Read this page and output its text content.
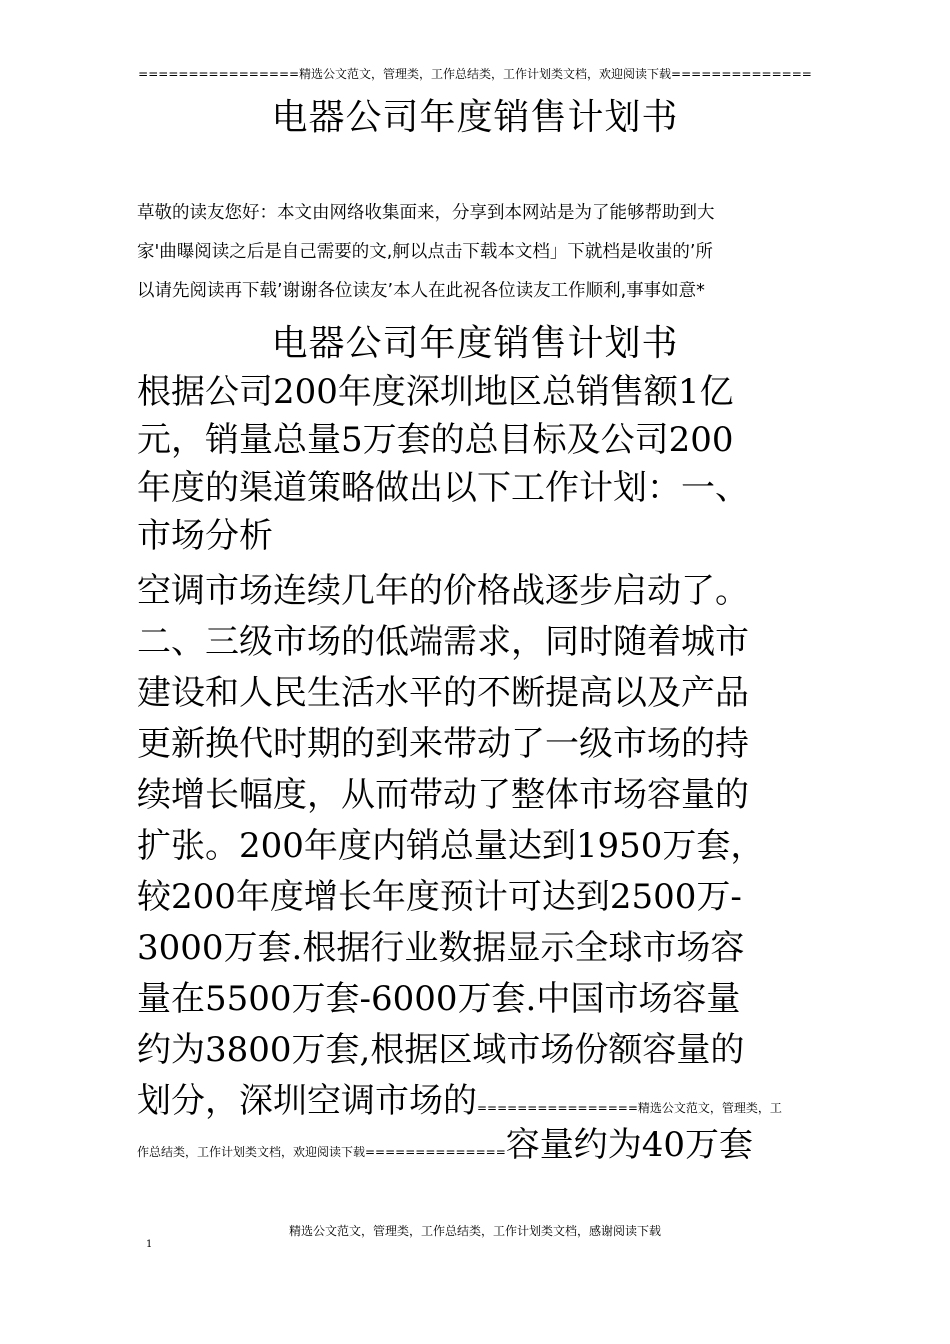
================精选公文范文，管理类，工作总结类，工作计划类文档，欢迎阅读下载==============
电器公司年度销售计划书
草敬的读友您好：本文由网络收集面来，分享到本网站是为了能够帮助到大
家'曲曝阅读之后是自己需要的文,舸以点击下载本文档」下就档是收蚩的’所
以请先阅读再下载’谢谢各位读友’本人在此祝各位读友工作顺利,事事如意*
电器公司年度销售计划书
根据公司200年度深圳地区总销售额1亿
元，销量总量5万套的总目标及公司200
年度的渠道策略做出以下工作计划：一、
市场分析
空调市场连续几年的价格战逐步启动了。
二、三级市场的低端需求，同时随着城市
建设和人民生活水平的不断提高以及产品
更新换代时期的到来带动了一级市场的持
续增长幅度，从而带动了整体市场容量的
扩张。200年度内销总量达到1950万套，
较200年度增长年度预计可达到2500万-
3000万套.根据行业数据显示全球市场容
量在5500万套-6000万套.中国市场容量
约为3800万套,根据区域市场份额容量的
划分，深圳空调市场的================精选公文范文，管理类，工
作总结类，工作计划类文档，欢迎阅读下载==============容量约为40万套
精选公文范文，管理类，工作总结类，工作计划类文档，感谢阅读下载
1
